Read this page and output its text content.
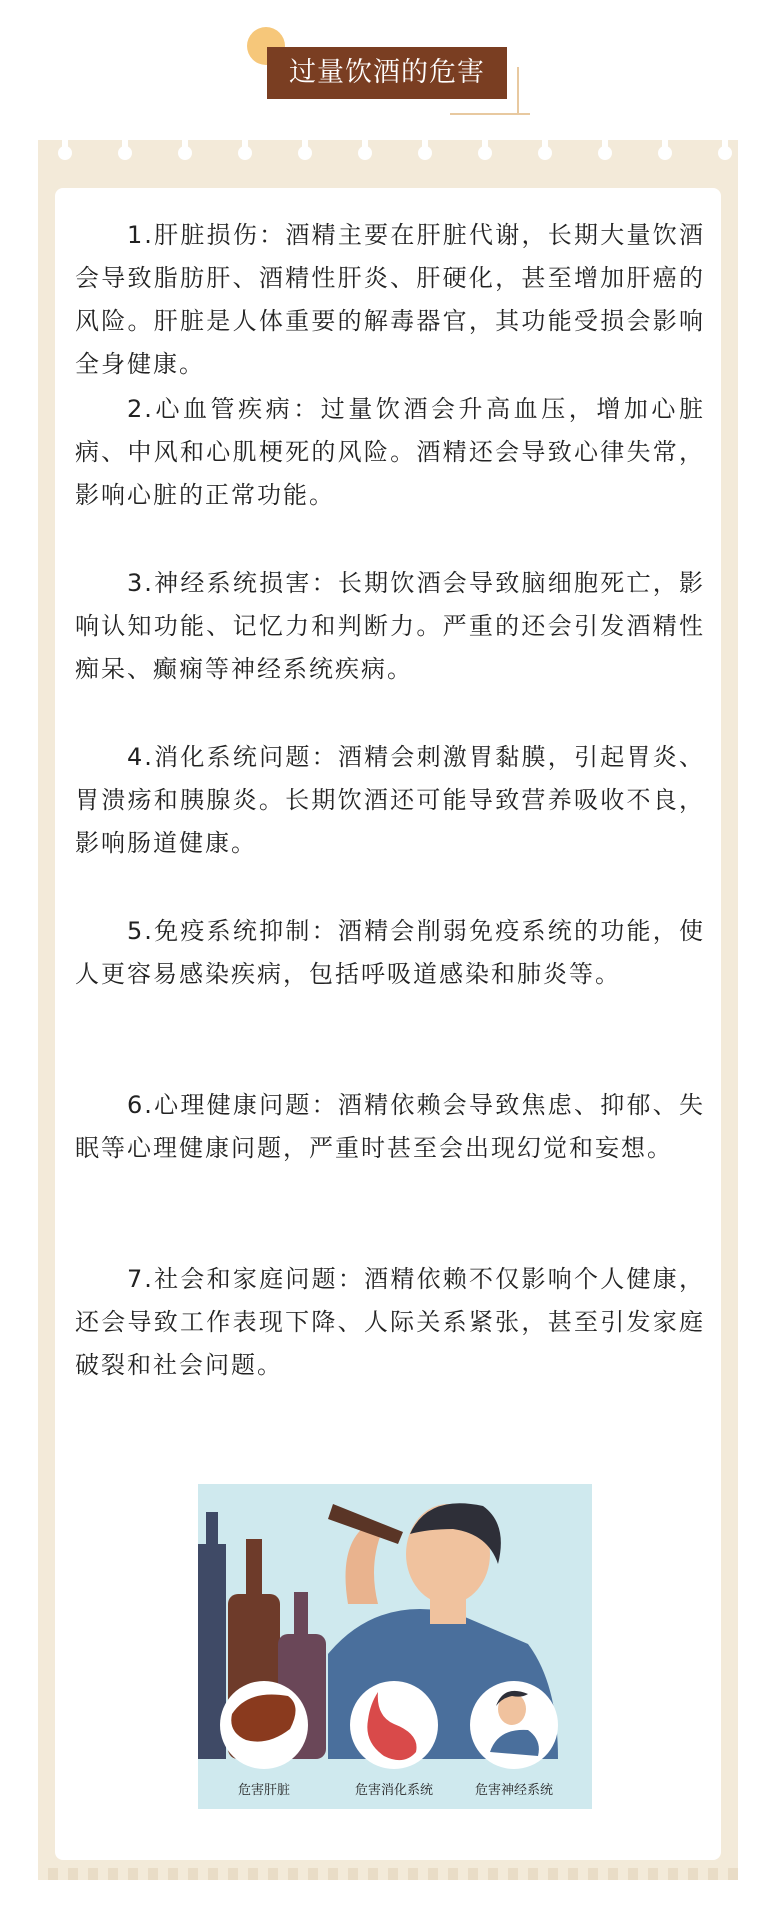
过量饮酒的危害

1.肝脏损伤：酒精主要在肝脏代谢，长期大量饮酒会导致脂肪肝、酒精性肝炎、肝硬化，甚至增加肝癌的风险。肝脏是人体重要的解毒器官，其功能受损会影响全身健康。

2.心血管疾病：过量饮酒会升高血压，增加心脏病、中风和心肌梗死的风险。酒精还会导致心律失常，影响心脏的正常功能。

3.神经系统损害：长期饮酒会导致脑细胞死亡，影响认知功能、记忆力和判断力。严重的还会引发酒精性痴呆、癫痫等神经系统疾病。

4.消化系统问题：酒精会刺激胃黏膜，引起胃炎、胃溃疡和胰腺炎。长期饮酒还可能导致营养吸收不良，影响肠道健康。

5.免疫系统抑制：酒精会削弱免疫系统的功能，使人更容易感染疾病，包括呼吸道感染和肺炎等。

6.心理健康问题：酒精依赖会导致焦虑、抑郁、失眠等心理健康问题，严重时甚至会出现幻觉和妄想。

7.社会和家庭问题：酒精依赖不仅影响个人健康，还会导致工作表现下降、人际关系紧张，甚至引发家庭破裂和社会问题。

危害肝脏	危害消化系统	危害神经系统
